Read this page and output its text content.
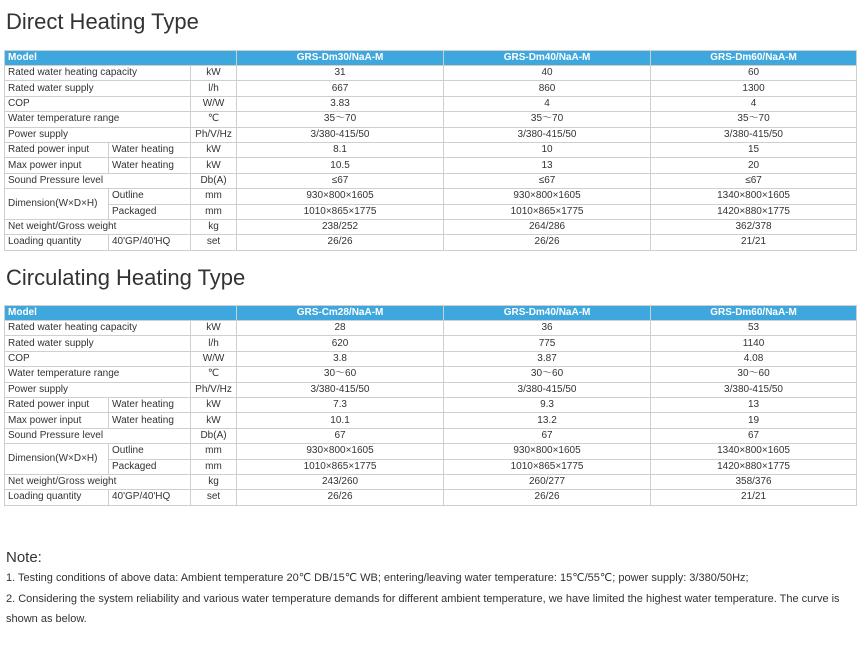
Direct Heating Type
Model			GRS-Dm30/NaA-M	GRS-Dm40/NaA-M	GRS-Dm60/NaA-M
Rated water heating capacity		kW	31	40	60
Rated water supply		l/h	667	860	1300
COP		W/W	3.83	4	4
Water temperature range		℃	35～70	35～70	35～70
Power supply		Ph/V/Hz	3/380-415/50	3/380-415/50	3/380-415/50
Rated power input	Water heating	kW	8.1	10	15
Max power input	Water heating	kW	10.5	13	20
Sound Pressure level		Db(A)	≤67	≤67	≤67
Dimension(W×D×H)	Outline	mm	930×800×1605	930×800×1605	1340×800×1605
	Packaged	mm	1010×865×1775	1010×865×1775	1420×880×1775
Net weight/Gross weight		kg	238/252	264/286	362/378
Loading quantity	40'GP/40'HQ	set	26/26	26/26	21/21
Circulating Heating Type
Model			GRS-Cm28/NaA-M	GRS-Dm40/NaA-M	GRS-Dm60/NaA-M
Rated water heating capacity		kW	28	36	53
Rated water supply		l/h	620	775	1140
COP		W/W	3.8	3.87	4.08
Water temperature range		℃	30～60	30～60	30～60
Power supply		Ph/V/Hz	3/380-415/50	3/380-415/50	3/380-415/50
Rated power input	Water heating	kW	7.3	9.3	13
Max power input	Water heating	kW	10.1	13.2	19
Sound Pressure level		Db(A)	67	67	67
Dimension(W×D×H)	Outline	mm	930×800×1605	930×800×1605	1340×800×1605
	Packaged	mm	1010×865×1775	1010×865×1775	1420×880×1775
Net weight/Gross weight		kg	243/260	260/277	358/376
Loading quantity	40'GP/40'HQ	set	26/26	26/26	21/21
Note:
1. Testing conditions of above data: Ambient temperature 20℃ DB/15℃ WB; entering/leaving water temperature: 15℃/55℃; power supply: 3/380/50Hz;
2. Considering the system reliability and various water temperature demands for different ambient temperature, we have limited the highest water temperature. The curve is shown as below.
